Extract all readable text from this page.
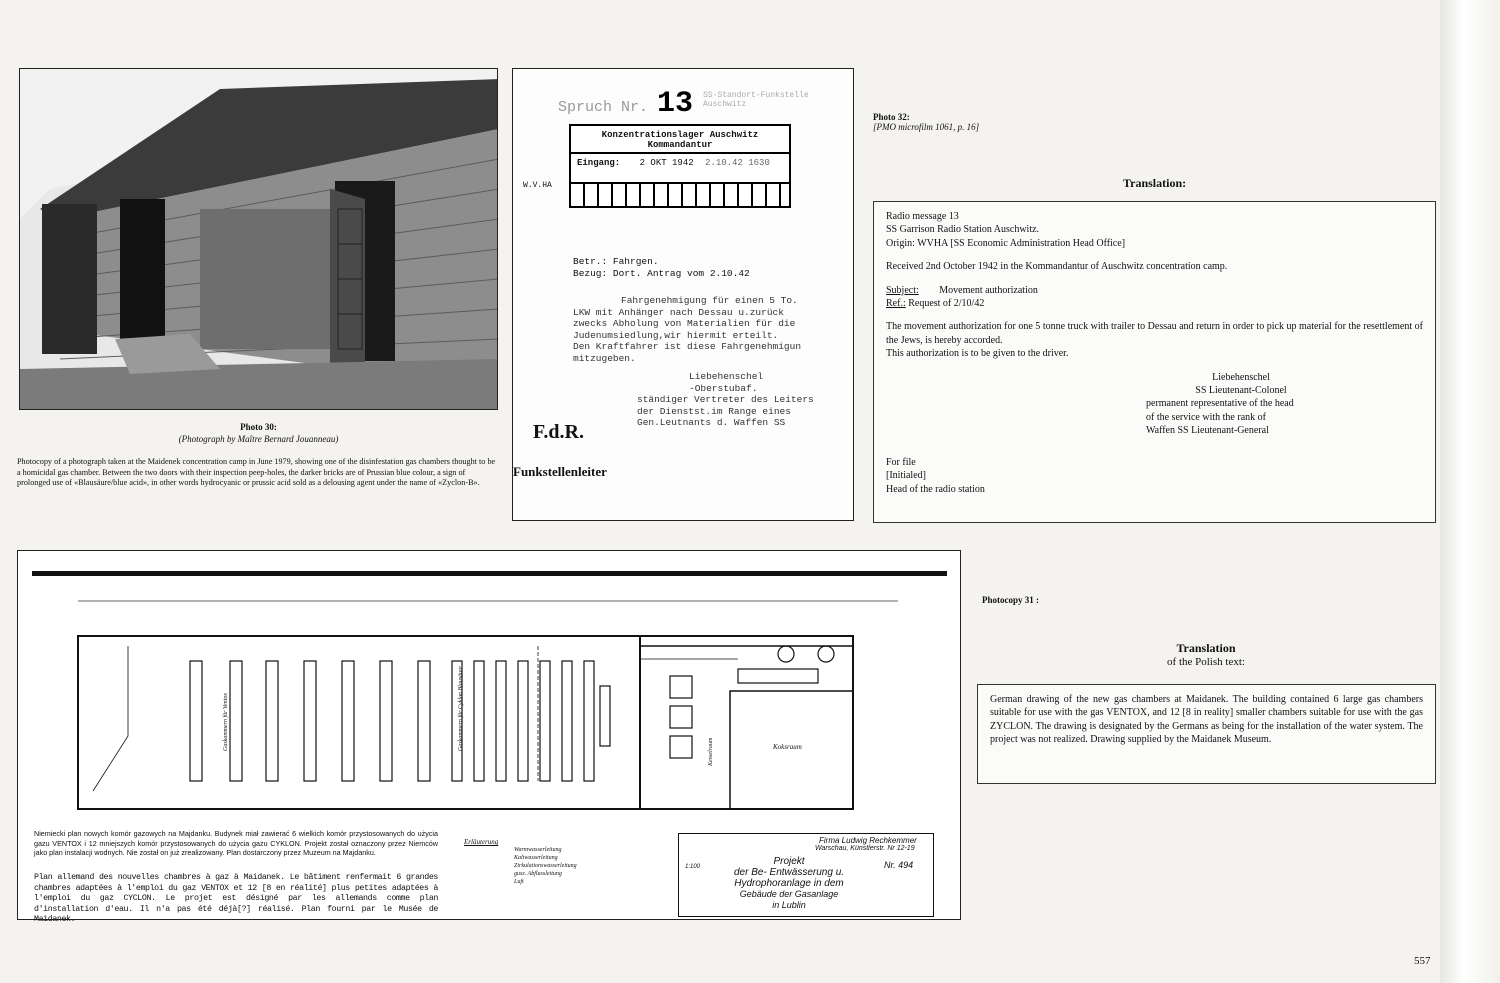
Photo 30:
(Photograph by Maître Bernard Jouanneau)
Photocopy of a photograph taken at the Maidenek concentration camp in June 1979, showing one of the disinfestation gas chambers thought to be a homicidal gas chamber. Between the two doors with their inspection peep-holes, the darker bricks are of Prussian blue colour, a sign of prolonged use of «Blausäure/blue acid», in other words hydrocyanic or prussic acid sold as a delousing agent under the name of «Zyclon-B».
Spruch Nr. 13 SS-Standort-Funkstelle Auschwitz
Konzentrationslager Auschwitz
Kommandantur
Eingang: 2 OKT 1942 2.10.42 1630
W.V.HA
Betr.: Fahrgen.
Bezug: Dort. Antrag vom 2.10.42
Fahrgenehmigung für einen 5 To.
LKW mit Anhänger nach Dessau u.zurück
zwecks Abholung von Materialien für die
Judenumsiedlung,wir hiermit erteilt.
Den Kraftfahrer ist diese Fahrgenehmigun
mitzugeben.
Liebehenschel
-Oberstubaf.
ständiger Vertreter des Leiters
der Dienstst.im Range eines
Gen.Leutnants d. Waffen SS
F.d.R.
Funkstellenleiter
Photo 32:
[PMO microfilm 1061, p. 16]
Translation:

Radio message 13

SS Garrison Radio Station Auschwitz.

Origin: WVHA [SS Economic Administration Head Office]

Received 2nd October 1942 in the Kommandantur of Auschwitz concentration camp.

Subject: Movement authorization

Ref.: Request of 2/10/42

The movement authorization for one 5 tonne truck with trailer to Dessau and return in order to pick up material for the resettlement of the Jews, is hereby accorded.

This authorization is to be given to the driver.

Liebehenschel

SS Lieutenant-Colonel

permanent representative of the head

of the service with the rank of

Waffen SS Lieutenant-General

For file

[Initialed]

Head of the radio station

Gaskammern für Ventox	Gaskammern für Cyklon Blausäure
Kesselraum	Koksraum
Niemiecki plan nowych komór gazowych na Majdanku. Budynek miał zawierać 6 wielkich komór przystosowanych do użycia gazu VENTOX i 12 mniejszych komór przystosowanych do użycia gazu CYKLON. Projekt został oznaczony przez Niemców jako plan instalacji wodnych. Nie został on już zrealizowany. Plan dostarczony przez Muzeum na Majdanku.
Plan allemand des nouvelles chambres à gaz à Maidanek. Le bâtiment renfermait 6 grandes chambres adaptées à l'emploi du gaz VENTOX et 12 [8 en réalité] plus petites adaptées à l'emploi du gaz CYCLON. Le projet est désigné par les allemands comme plan d'installation d'eau. Il n'a pas été déjà[?] réalisé. Plan fourni par le Musée de Maidanek.
Erläuterung
Warmwasserleitung
Kaltwasserleitung
Zirkulationswasserleitung
gusz. Abflussleitung
Luft
Firma Ludwig Rechkemmer
Warschau, Künstlerstr. Nr 12-19
Nr. 494
1:100	Projekt
der Be- Entwässerung u.
Hydrophoranlage in dem
Gebäude der Gasanlage
in Lublin
Photocopy 31 :
Translation
of the Polish text:

German drawing of the new gas chambers at Maidanek. The building contained 6 large gas chambers suitable for use with the gas VENTOX, and 12 [8 in reality] smaller chambers suitable for use with the gas ZYCLON. The drawing is designated by the Germans as being for the installation of the water system. The project was not realized. Drawing supplied by the Maidanek Museum.

557
